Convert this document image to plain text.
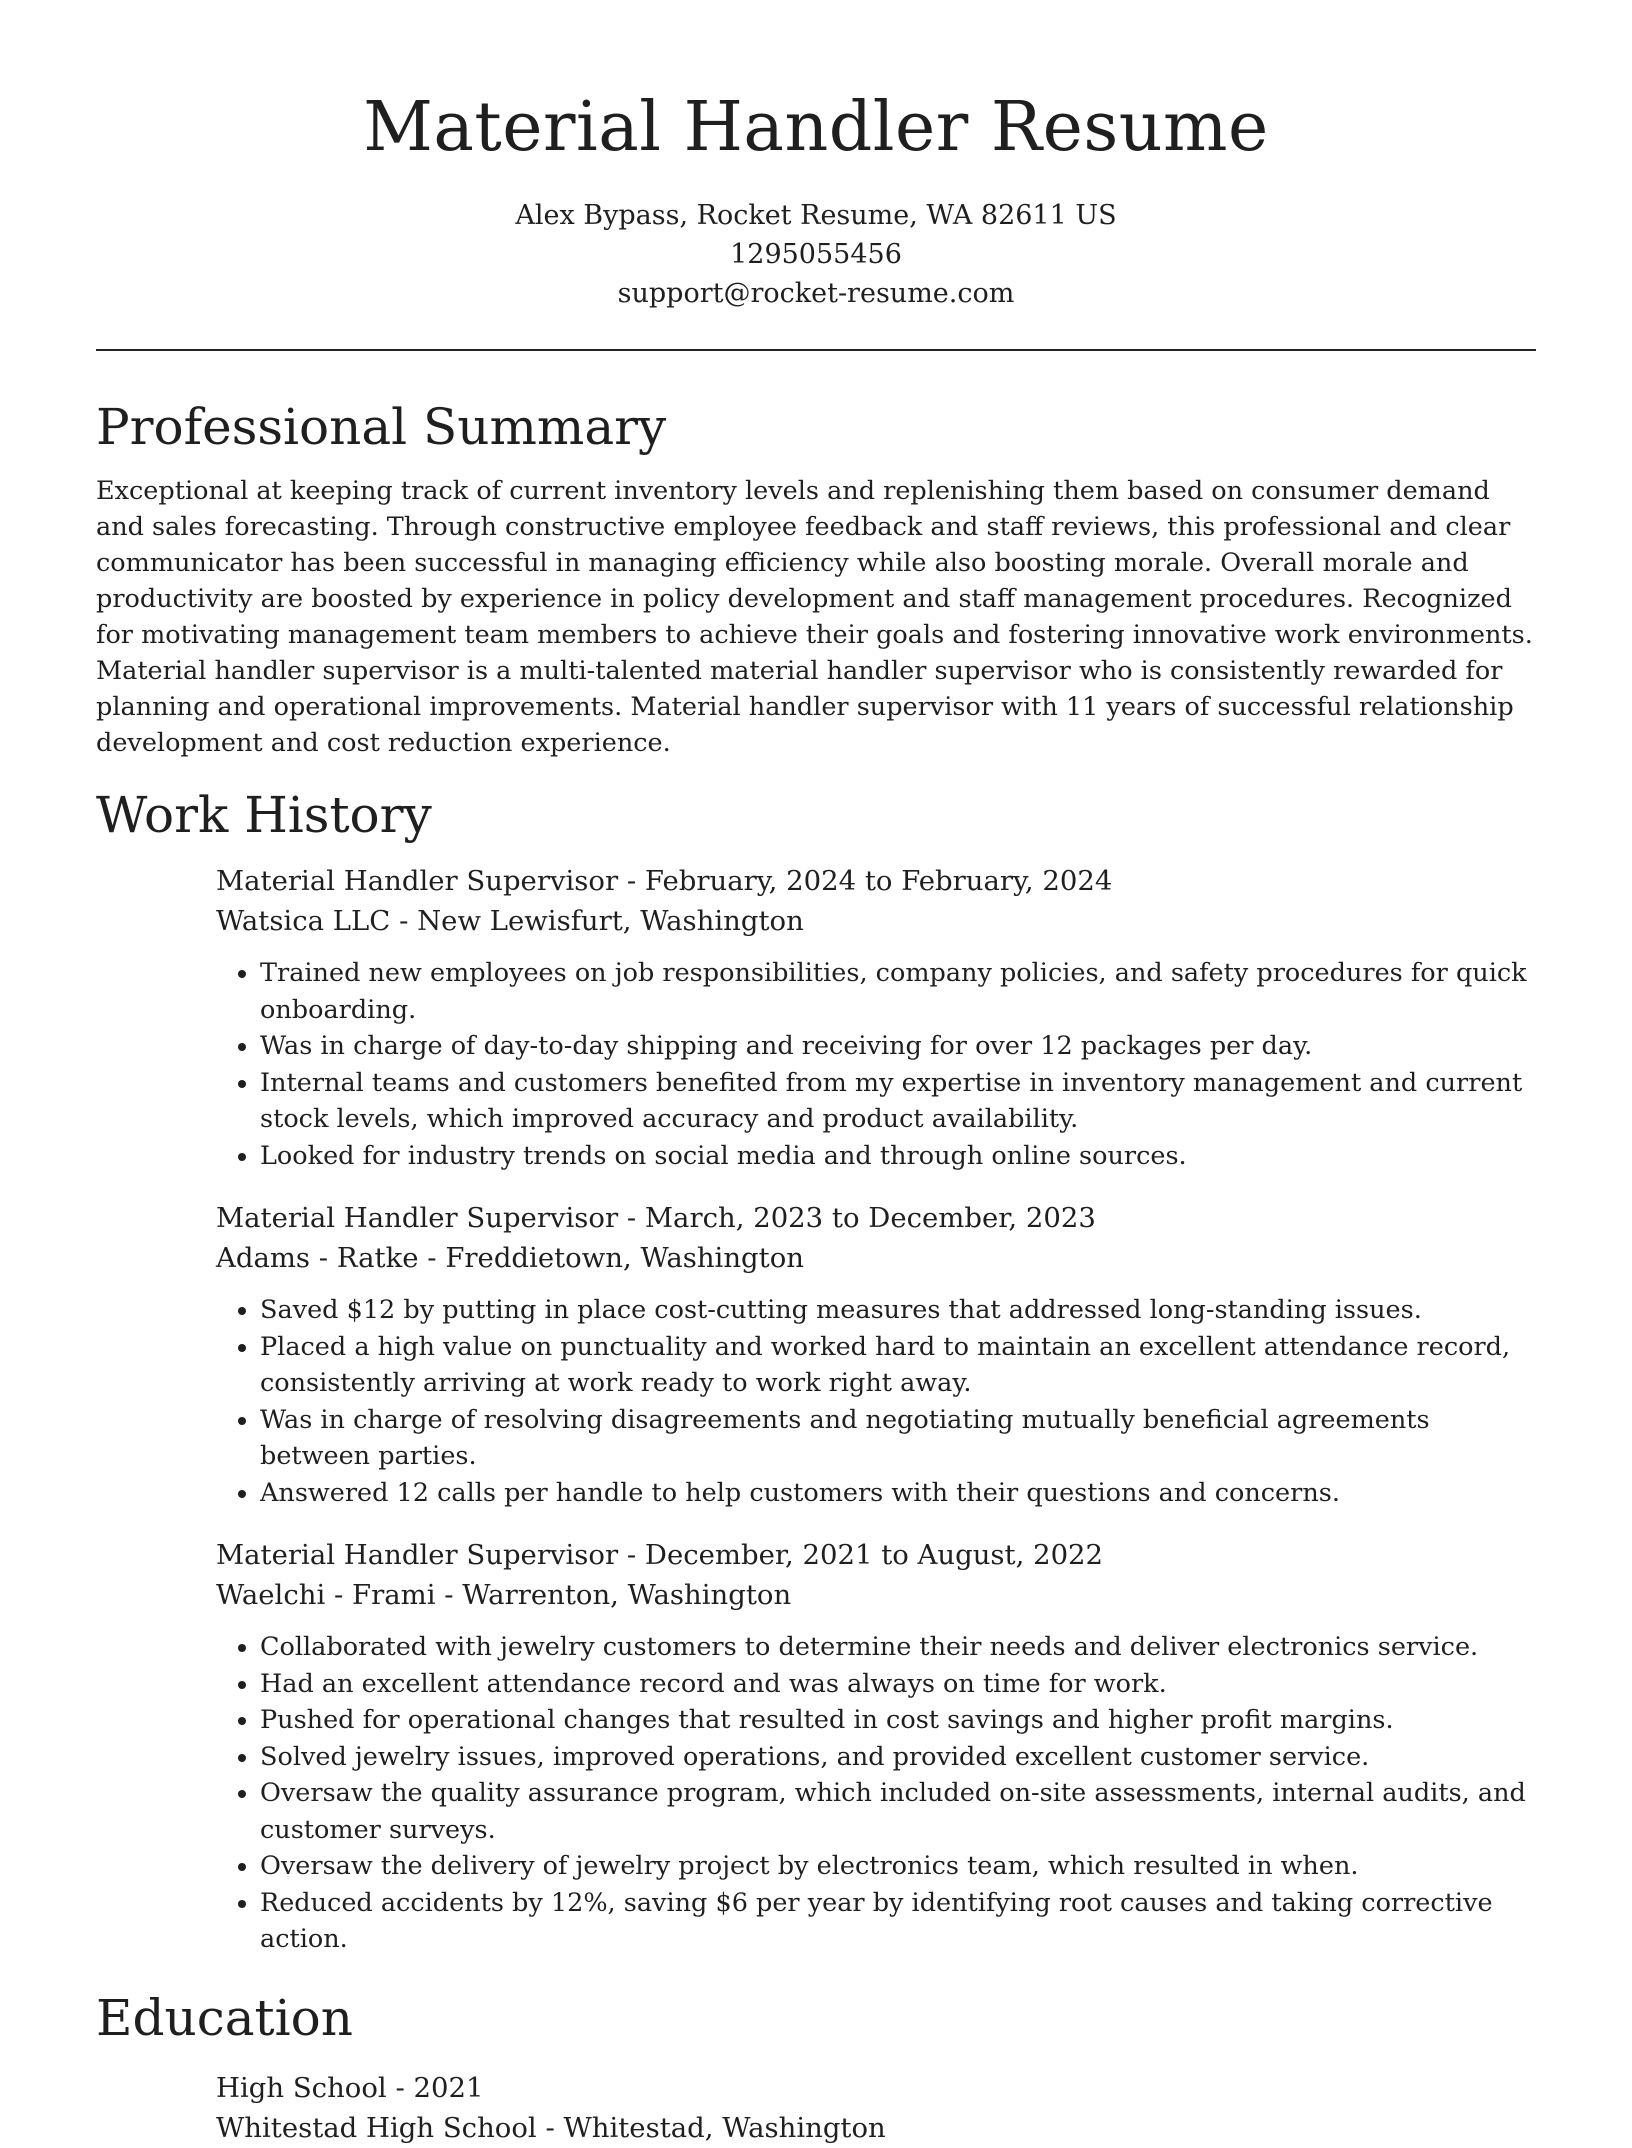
Material Handler Resume
Alex Bypass, Rocket Resume, WA 82611 US
1295055456
support@rocket-resume.com
Professional Summary

Exceptional at keeping track of current inventory levels and replenishing them based on consumer demand and sales forecasting. Through constructive employee feedback and staff reviews, this professional and clear communicator has been successful in managing efficiency while also boosting morale. Overall morale and productivity are boosted by experience in policy development and staff management procedures. Recognized for motivating management team members to achieve their goals and fostering innovative work environments. Material handler supervisor is a multi-talented material handler supervisor who is consistently rewarded for planning and operational improvements. Material handler supervisor with 11 years of successful relationship development and cost reduction experience.

Work History
Material Handler Supervisor - February, 2024 to February, 2024
Watsica LLC - New Lewisfurt, Washington
• Trained new employees on job responsibilities, company policies, and safety procedures for quick onboarding.
• Was in charge of day-to-day shipping and receiving for over 12 packages per day.
• Internal teams and customers benefited from my expertise in inventory management and current stock levels, which improved accuracy and product availability.
• Looked for industry trends on social media and through online sources.
Material Handler Supervisor - March, 2023 to December, 2023
Adams - Ratke - Freddietown, Washington
• Saved $12 by putting in place cost-cutting measures that addressed long-standing issues.
• Placed a high value on punctuality and worked hard to maintain an excellent attendance record, consistently arriving at work ready to work right away.
• Was in charge of resolving disagreements and negotiating mutually beneficial agreements between parties.
• Answered 12 calls per handle to help customers with their questions and concerns.
Material Handler Supervisor - December, 2021 to August, 2022
Waelchi - Frami - Warrenton, Washington
• Collaborated with jewelry customers to determine their needs and deliver electronics service.
• Had an excellent attendance record and was always on time for work.
• Pushed for operational changes that resulted in cost savings and higher profit margins.
• Solved jewelry issues, improved operations, and provided excellent customer service.
• Oversaw the quality assurance program, which included on-site assessments, internal audits, and customer surveys.
• Oversaw the delivery of jewelry project by electronics team, which resulted in when.
• Reduced accidents by 12%, saving $6 per year by identifying root causes and taking corrective action.
Education
High School - 2021
Whitestad High School - Whitestad, Washington
